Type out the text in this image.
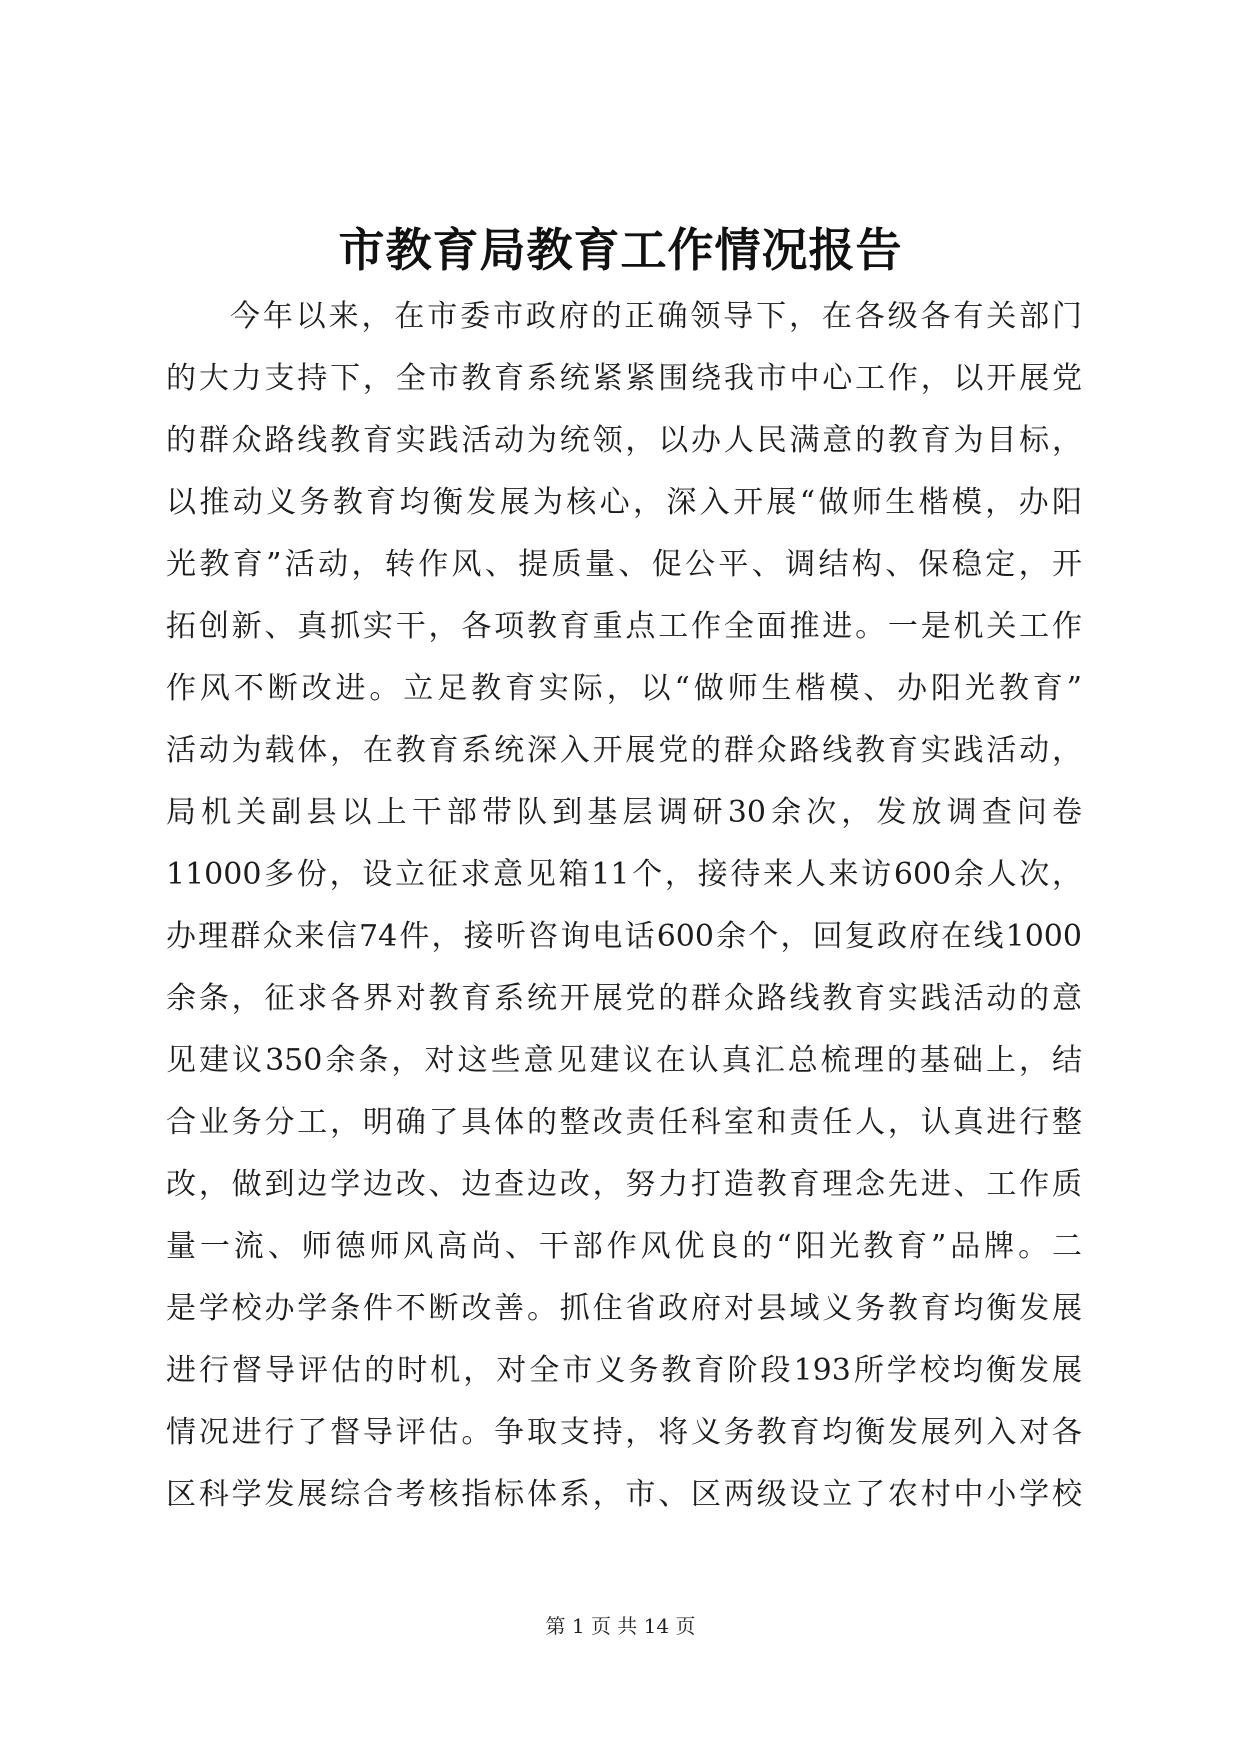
市教育局教育工作情况报告
今年以来，在市委市政府的正确领导下，在各级各有关部门
的大力支持下，全市教育系统紧紧围绕我市中心工作，以开展党
的群众路线教育实践活动为统领，以办人民满意的教育为目标，
以推动义务教育均衡发展为核心，深入开展“做师生楷模，办阳
光教育”活动，转作风、提质量、促公平、调结构、保稳定，开
拓创新、真抓实干，各项教育重点工作全面推进。一是机关工作
作风不断改进。立足教育实际，以“做师生楷模、办阳光教育”
活动为载体，在教育系统深入开展党的群众路线教育实践活动，
局机关副县以上干部带队到基层调研30余次，发放调查问卷
11000多份，设立征求意见箱11个，接待来人来访600余人次，
办理群众来信74件，接听咨询电话600余个，回复政府在线1000
余条，征求各界对教育系统开展党的群众路线教育实践活动的意
见建议350余条，对这些意见建议在认真汇总梳理的基础上，结
合业务分工，明确了具体的整改责任科室和责任人，认真进行整
改，做到边学边改、边查边改，努力打造教育理念先进、工作质
量一流、师德师风高尚、干部作风优良的“阳光教育”品牌。二
是学校办学条件不断改善。抓住省政府对县域义务教育均衡发展
进行督导评估的时机，对全市义务教育阶段193所学校均衡发展
情况进行了督导评估。争取支持，将义务教育均衡发展列入对各
区科学发展综合考核指标体系，市、区两级设立了农村中小学校
第 1 页 共 14 页
